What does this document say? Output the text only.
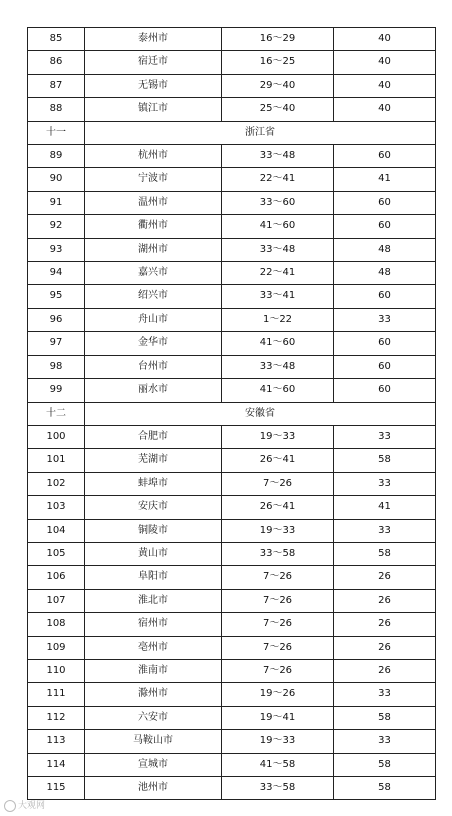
85	泰州市	16～29	40
86	宿迁市	16～25	40
87	无锡市	29～40	40
88	镇江市	25～40	40
十一	浙江省		
89	杭州市	33～48	60
90	宁波市	22～41	41
91	温州市	33～60	60
92	衢州市	41～60	60
93	湖州市	33～48	48
94	嘉兴市	22～41	48
95	绍兴市	33～41	60
96	舟山市	1～22	33
97	金华市	41～60	60
98	台州市	33～48	60
99	丽水市	41～60	60
十二	安徽省		
100	合肥市	19～33	33
101	芜湖市	26～41	58
102	蚌埠市	7～26	33
103	安庆市	26～41	41
104	铜陵市	19～33	33
105	黄山市	33～58	58
106	阜阳市	7～26	26
107	淮北市	7～26	26
108	宿州市	7～26	26
109	亳州市	7～26	26
110	淮南市	7～26	26
111	滁州市	19～26	33
112	六安市	19～41	58
113	马鞍山市	19～33	33
114	宣城市	41～58	58
115	池州市	33～58	58
大观网
